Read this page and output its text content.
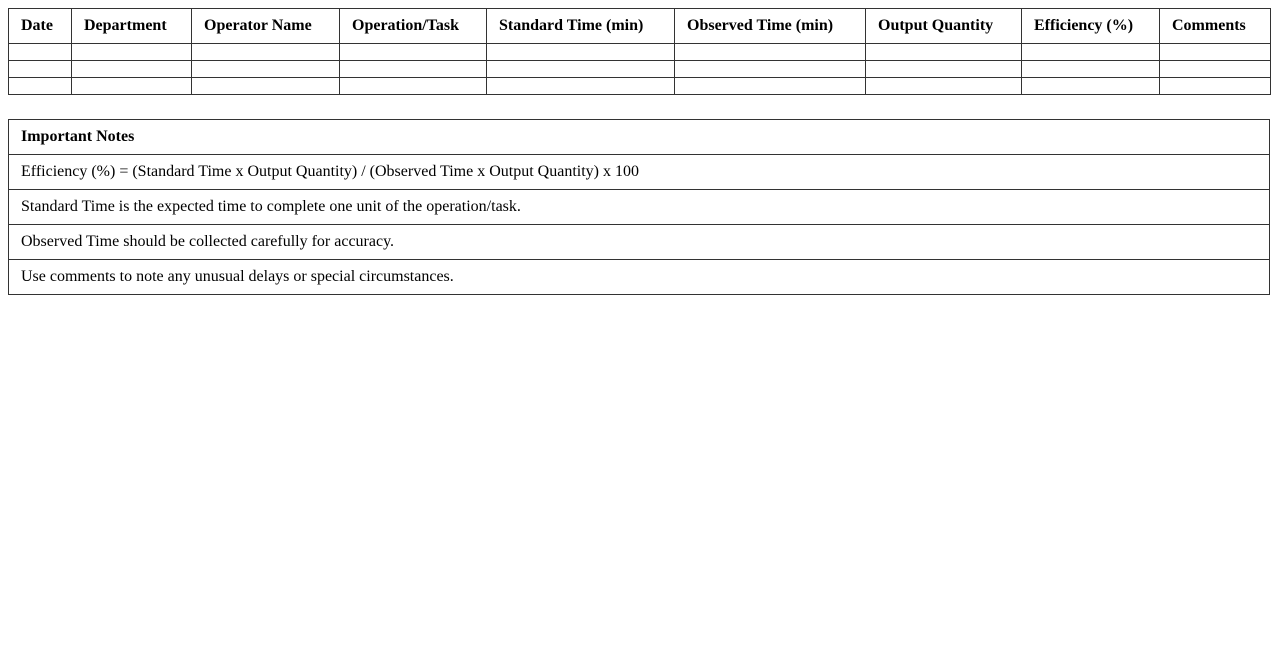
Date	Department	Operator Name	Operation/Task	Standard Time (min)	Observed Time (min)	Output Quantity	Efficiency (%)	Comments

Important Notes
Efficiency (%) = (Standard Time x Output Quantity) / (Observed Time x Output Quantity) x 100
Standard Time is the expected time to complete one unit of the operation/task.
Observed Time should be collected carefully for accuracy.
Use comments to note any unusual delays or special circumstances.
